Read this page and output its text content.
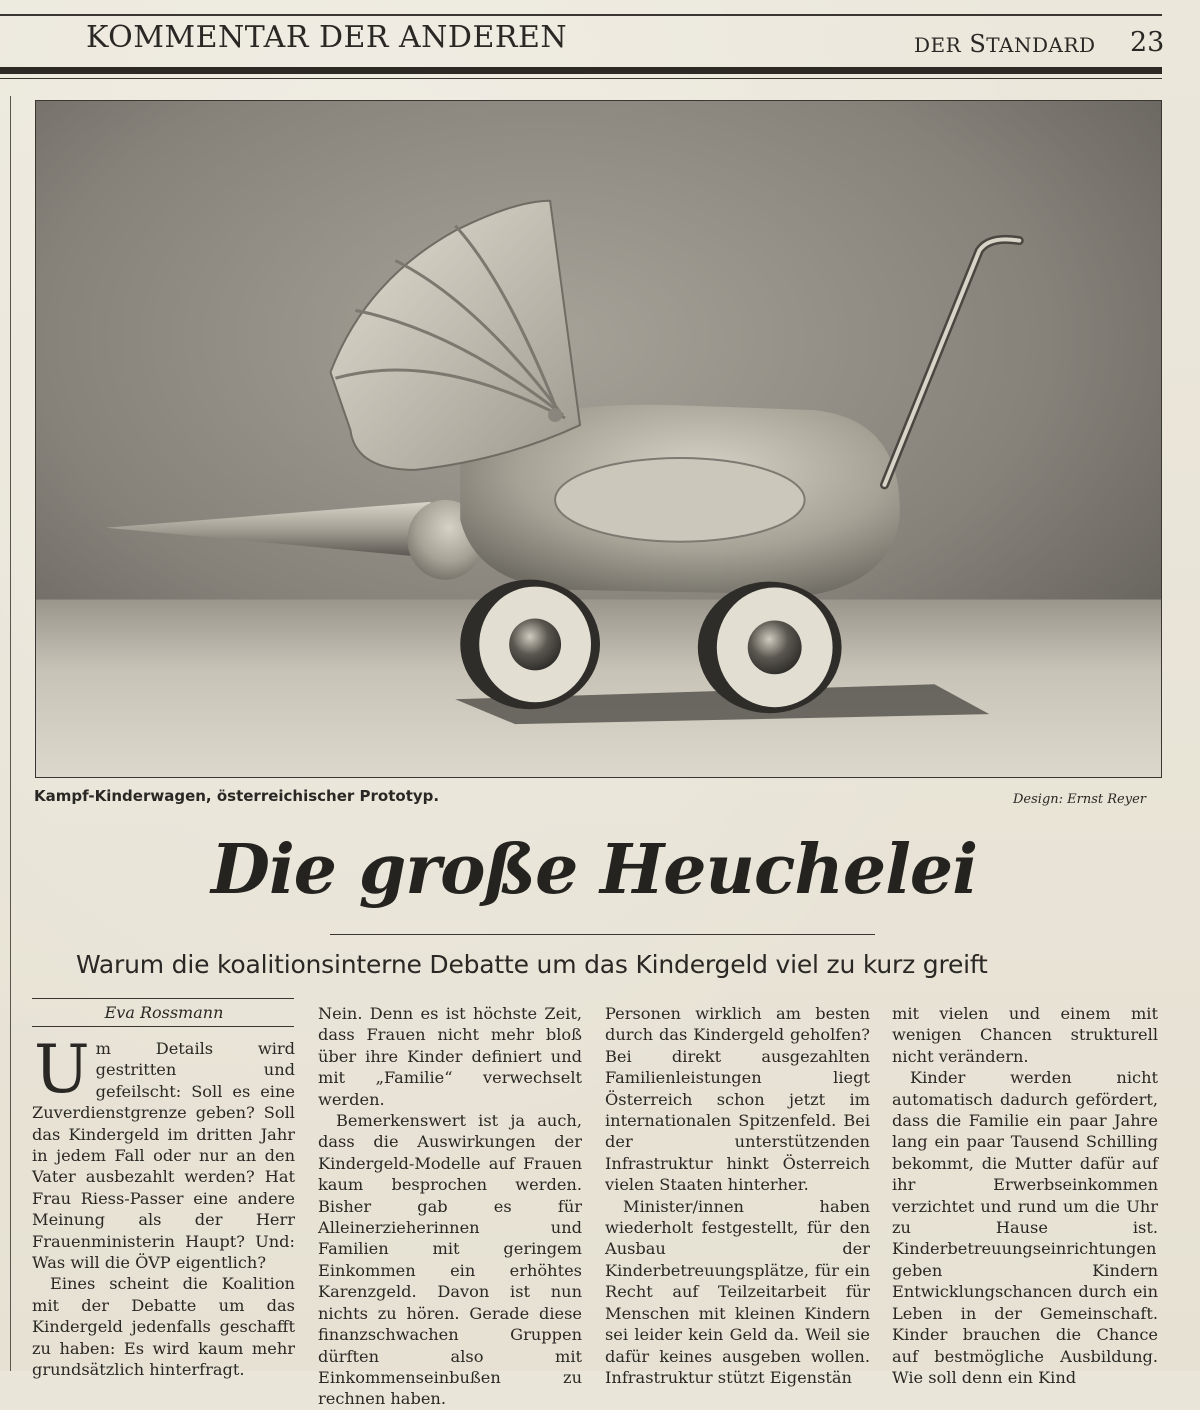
KOMMENTAR DER ANDEREN	DER STANDARD 23
Kampf-Kinderwagen, österreichischer Prototyp.	Design: Ernst Reyer
Die große Heuchelei
Warum die koalitionsinterne Debatte um das Kindergeld viel zu kurz greift
Eva Rossmann
U m Details wird gestritten und gefeilscht: Soll es eine Zuverdienstgrenze geben? Soll das Kindergeld im dritten Jahr in jedem Fall oder nur an den Vater ausbezahlt werden? Hat Frau Riess-Passer eine andere Meinung als der Herr Frauenministerin Haupt? Und: Was will die ÖVP eigentlich?

Eines scheint die Koalition mit der Debatte um das Kindergeld jedenfalls geschafft zu haben: Es wird kaum mehr grundsätzlich hinterfragt.

Nein. Denn es ist höchste Zeit, dass Frauen nicht mehr bloß über ihre Kinder definiert und mit „Familie“ verwechselt werden.

Bemerkenswert ist ja auch, dass die Auswirkungen der Kindergeld-Modelle auf Frauen kaum besprochen werden. Bisher gab es für Alleinerzieherinnen und Familien mit geringem Einkommen ein erhöhtes Karenzgeld. Davon ist nun nichts zu hören. Gerade diese finanzschwachen Gruppen dürften also mit Einkommenseinbußen zu rechnen haben.

Personen wirklich am besten durch das Kindergeld geholfen? Bei direkt ausgezahlten Familienleistungen liegt Österreich schon jetzt im internationalen Spitzenfeld. Bei der unterstützenden Infrastruktur hinkt Österreich vielen Staaten hinterher.

Minister/innen haben wiederholt festgestellt, für den Ausbau der Kinderbetreuungsplätze, für ein Recht auf Teilzeitarbeit für Menschen mit kleinen Kindern sei leider kein Geld da. Weil sie dafür keines ausgeben wollen. Infrastruktur stützt Eigenstän

mit vielen und einem mit wenigen Chancen strukturell nicht verändern.

Kinder werden nicht automatisch dadurch gefördert, dass die Familie ein paar Jahre lang ein paar Tausend Schilling bekommt, die Mutter dafür auf ihr Erwerbseinkommen verzichtet und rund um die Uhr zu Hause ist. Kinderbetreuungseinrichtungen geben Kindern Entwicklungschancen durch ein Leben in der Gemeinschaft. Kinder brauchen die Chance auf bestmögliche Ausbildung. Wie soll denn ein Kind
